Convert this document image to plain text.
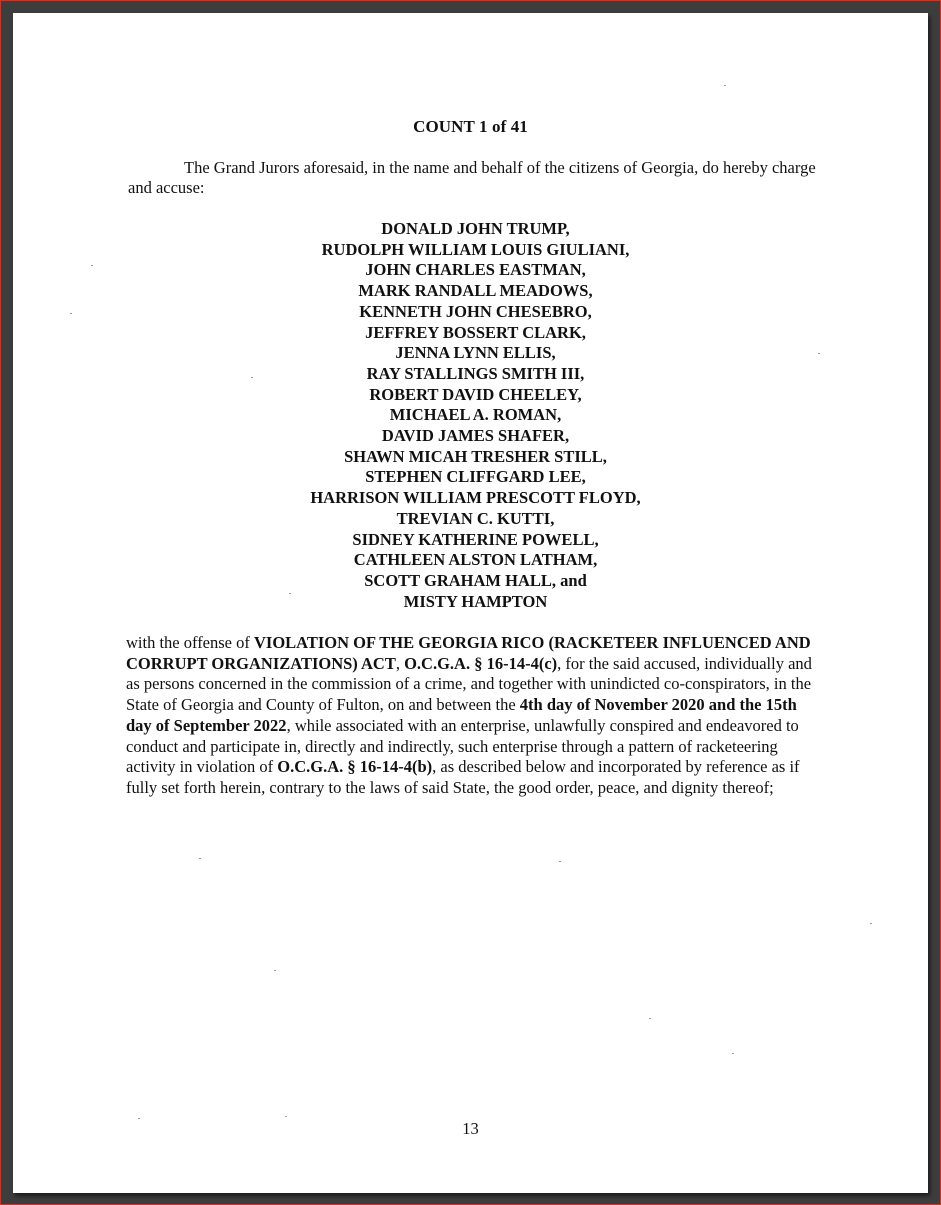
COUNT 1 of 41
The Grand Jurors aforesaid, in the name and behalf of the citizens of Georgia, do hereby charge and accuse:
DONALD JOHN TRUMP,
RUDOLPH WILLIAM LOUIS GIULIANI,
JOHN CHARLES EASTMAN,
MARK RANDALL MEADOWS,
KENNETH JOHN CHESEBRO,
JEFFREY BOSSERT CLARK,
JENNA LYNN ELLIS,
RAY STALLINGS SMITH III,
ROBERT DAVID CHEELEY,
MICHAEL A. ROMAN,
DAVID JAMES SHAFER,
SHAWN MICAH TRESHER STILL,
STEPHEN CLIFFGARD LEE,
HARRISON WILLIAM PRESCOTT FLOYD,
TREVIAN C. KUTTI,
SIDNEY KATHERINE POWELL,
CATHLEEN ALSTON LATHAM,
SCOTT GRAHAM HALL, and
MISTY HAMPTON
with the offense of VIOLATION OF THE GEORGIA RICO (RACKETEER INFLUENCED AND CORRUPT ORGANIZATIONS) ACT, O.C.G.A. § 16-14-4(c), for the said accused, individually and as persons concerned in the commission of a crime, and together with unindicted co-conspirators, in the State of Georgia and County of Fulton, on and between the 4th day of November 2020 and the 15th day of September 2022, while associated with an enterprise, unlawfully conspired and endeavored to conduct and participate in, directly and indirectly, such enterprise through a pattern of racketeering activity in violation of O.C.G.A. § 16-14-4(b), as described below and incorporated by reference as if fully set forth herein, contrary to the laws of said State, the good order, peace, and dignity thereof;
13
